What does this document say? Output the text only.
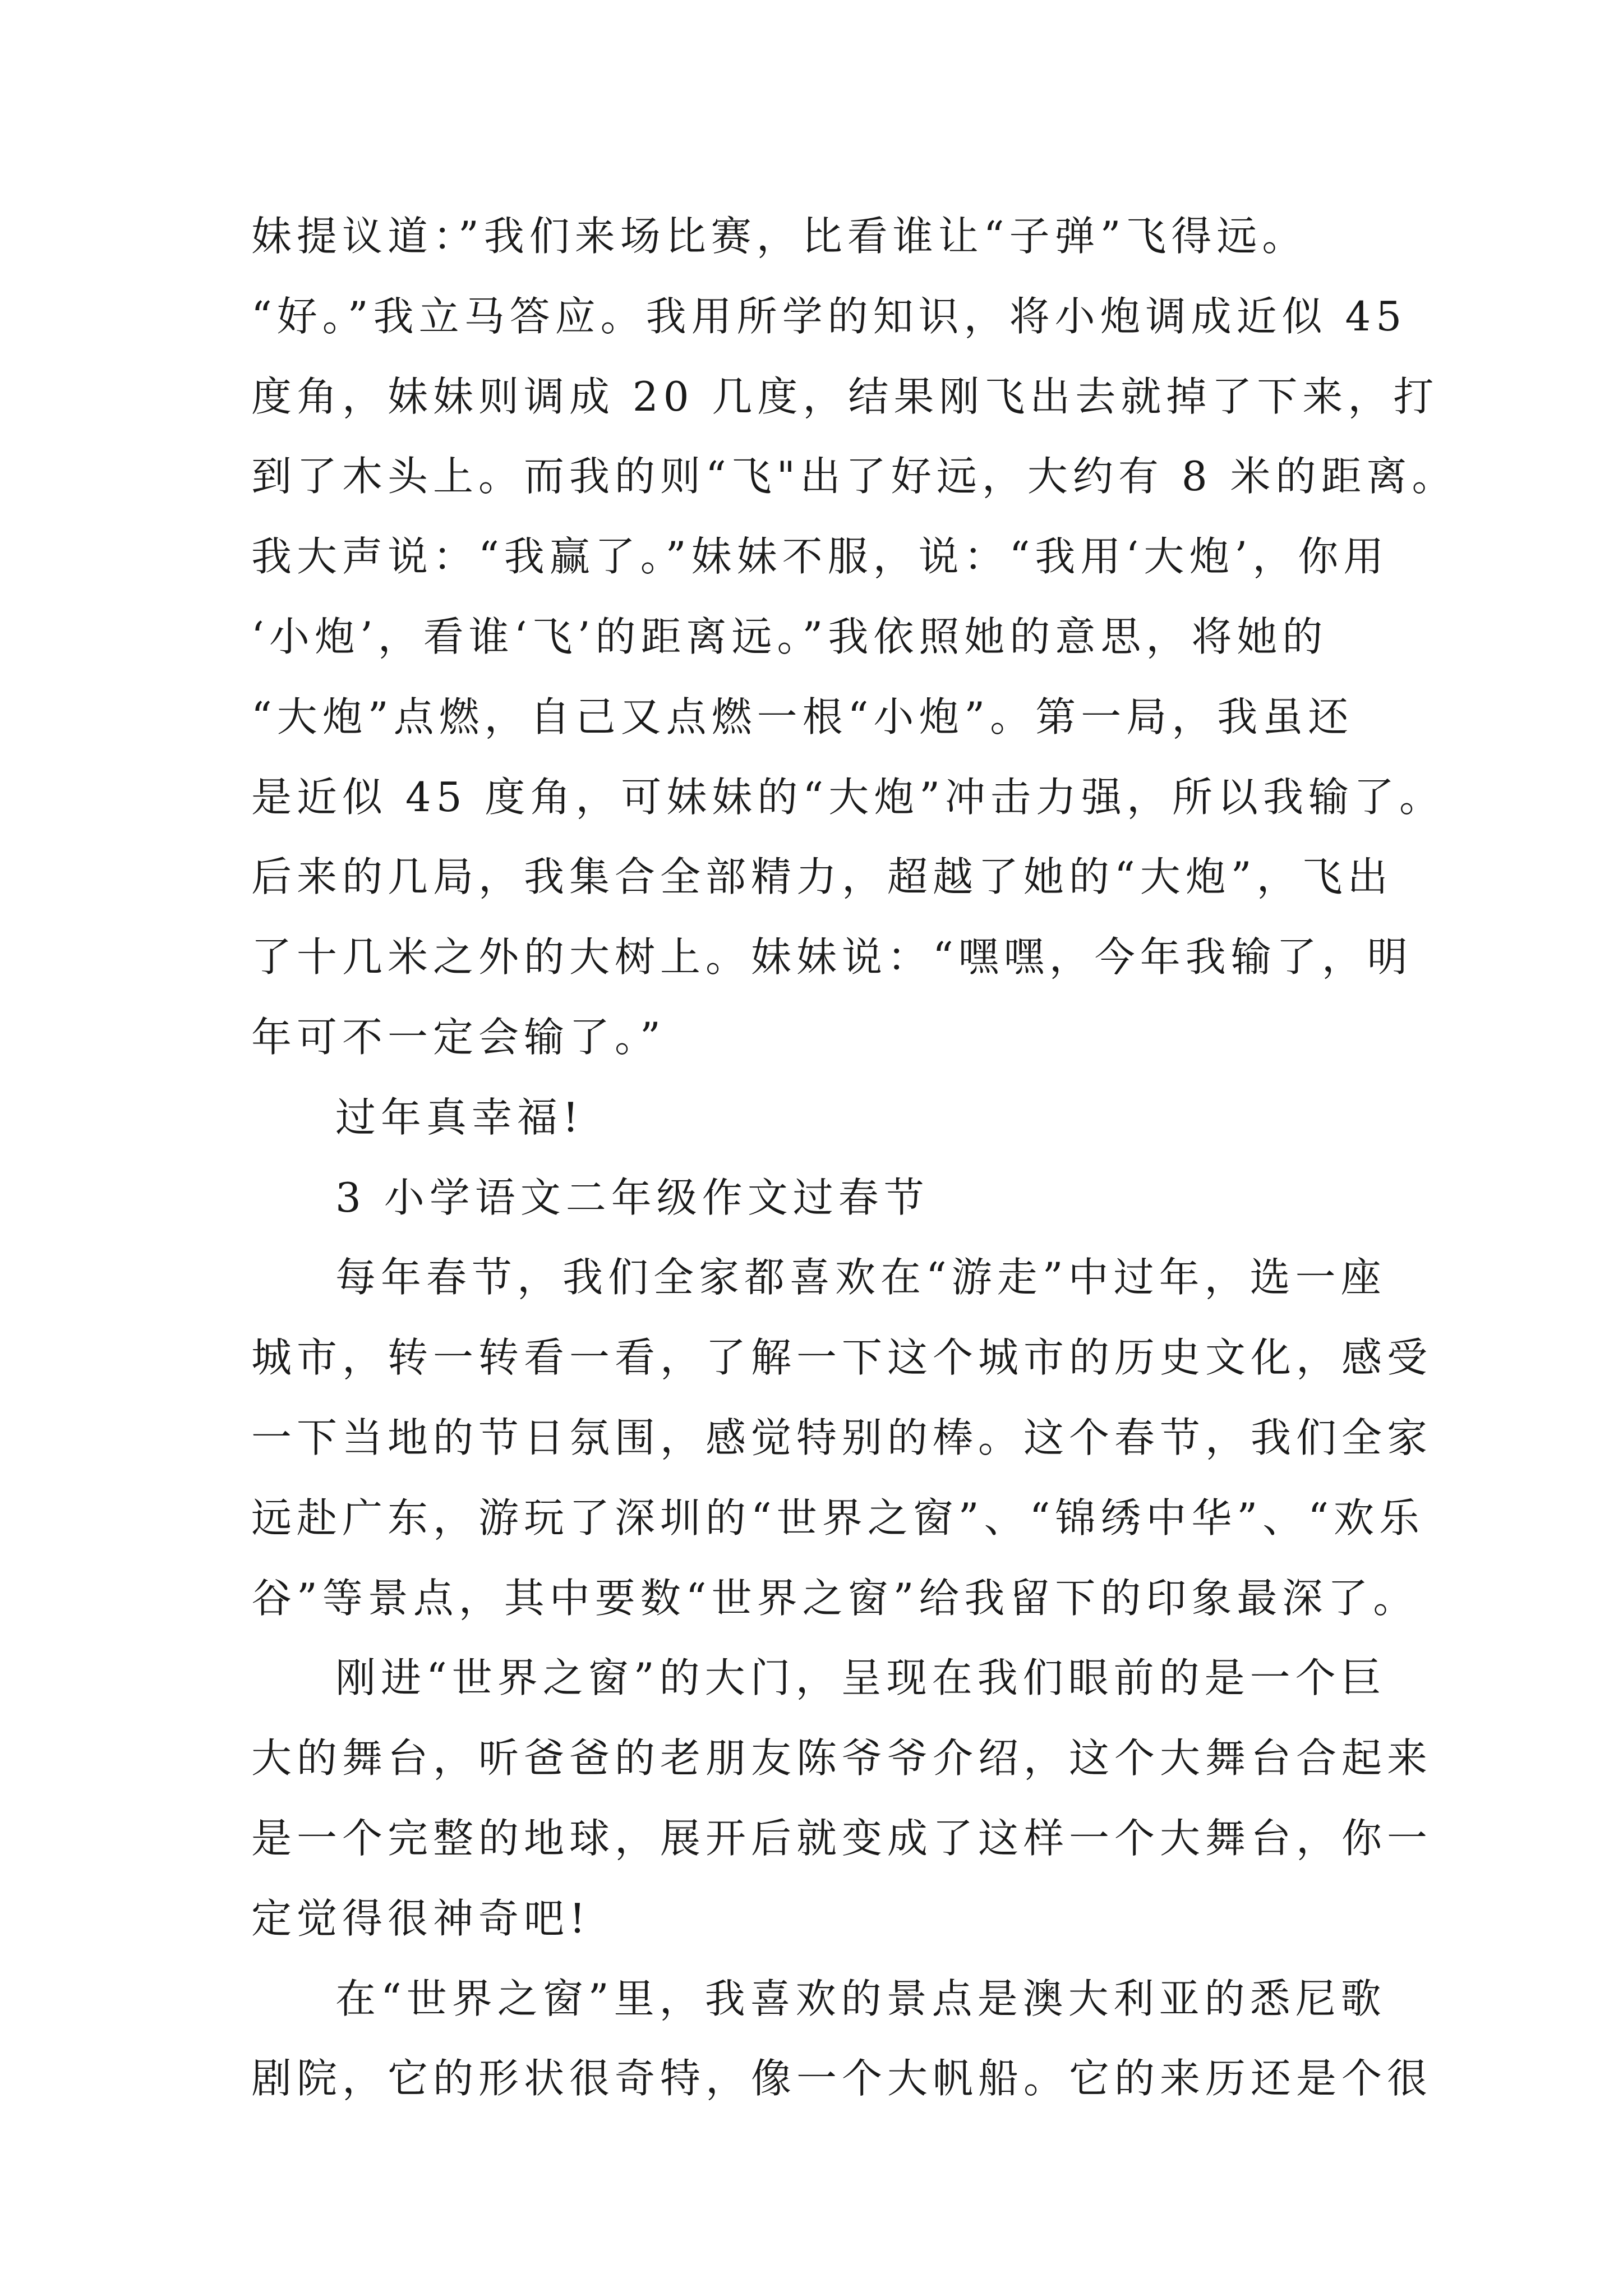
妹提议道：”我们来场比赛，比看谁让“子弹”飞得远。
“好。”我立马答应。我用所学的知识，将小炮调成近似 45
度角，妹妹则调成 20 几度，结果刚飞出去就掉了下来，打
到了木头上。而我的则“飞"出了好远，大约有 8 米的距离。
我大声说：“我赢了。”妹妹不服，说：“我用‘大炮’，你用
‘小炮’，看谁‘飞’的距离远。”我依照她的意思，将她的
“大炮”点燃，自己又点燃一根“小炮”。第一局，我虽还
是近似 45 度角，可妹妹的“大炮”冲击力强，所以我输了。
后来的几局，我集合全部精力，超越了她的“大炮”，飞出
了十几米之外的大树上。妹妹说：“嘿嘿，今年我输了，明
年可不一定会输了。”
过年真幸福!
3 小学语文二年级作文过春节
每年春节，我们全家都喜欢在“游走”中过年，选一座
城市，转一转看一看，了解一下这个城市的历史文化，感受
一下当地的节日氛围，感觉特别的棒。这个春节，我们全家
远赴广东，游玩了深圳的“世界之窗”、“锦绣中华”、“欢乐
谷”等景点，其中要数“世界之窗”给我留下的印象最深了。
刚进“世界之窗”的大门，呈现在我们眼前的是一个巨
大的舞台，听爸爸的老朋友陈爷爷介绍，这个大舞台合起来
是一个完整的地球，展开后就变成了这样一个大舞台，你一
定觉得很神奇吧!
在“世界之窗”里，我喜欢的景点是澳大利亚的悉尼歌
剧院，它的形状很奇特，像一个大帆船。它的来历还是个很
